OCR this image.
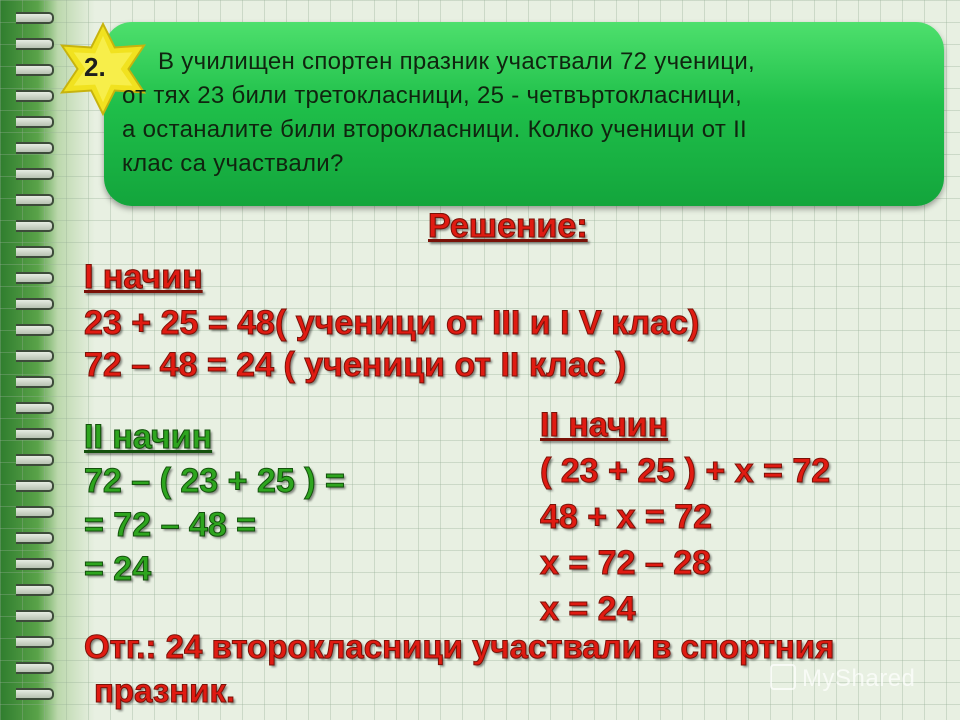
2.	В училищен спортен празник участвали 72 ученици,
от тях 23 били третокласници, 25 - четвъртокласници,
а останалите били второкласници. Колко ученици от II
клас са участвали?
Решение:
I начин
23 + 25 = 48( ученици от III и I V клас)
72 – 48 = 24 ( ученици от II клас )
II начин
72 – ( 23 + 25 ) =
= 72 – 48 =
= 24
II начин
( 23 + 25 ) + x = 72
48 + x = 72
x = 72 – 28
x = 24
Отг.: 24 второкласници участвали в спортния
празник.	MyShared
